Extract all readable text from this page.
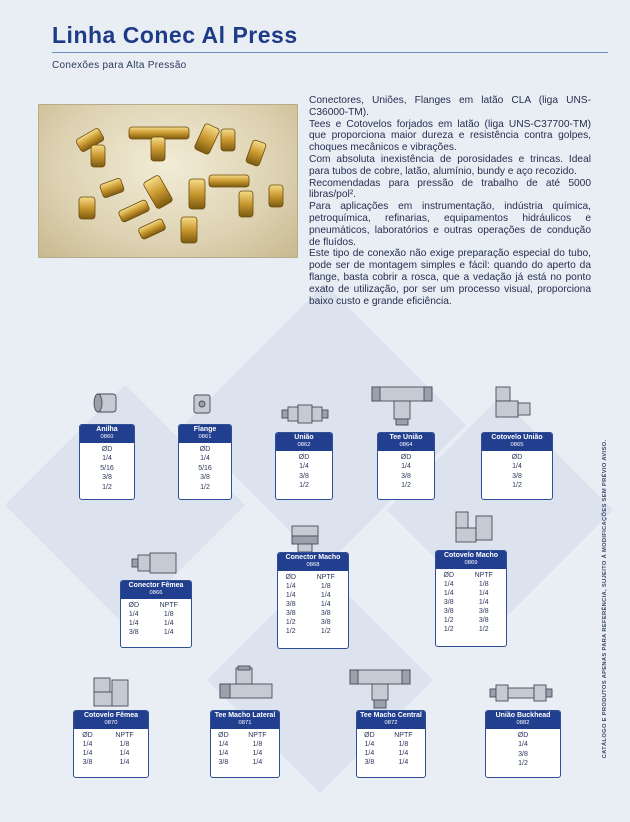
Linha Conec Al Press
Conexões para Alta Pressão

Conectores, Uniões, Flanges em latão CLA (liga UNS-C36000-TM).

Tees e Cotovelos forjados em latão (liga UNS-C37700-TM) que proporciona maior dureza e resistência contra golpes, choques mecânicos e vibrações.

Com absoluta inexistência de porosidades e trincas. Ideal para tubos de cobre, latão, alumínio, bundy e aço recozido.

Recomendadas para pressão de trabalho de até 5000 libras/pol².

Para aplicações em instrumentação, indústria química, petroquímica, refinarias, equipamentos hidráulicos e pneumáticos, laboratórios e outras operações de condução de fluídos.

Este tipo de conexão não exige preparação especial do tubo, pode ser de montagem simples e fácil: quando do aperto da flange, basta cobrir a rosca, que a vedação já está no ponto exato de utilização, por ser um processo visual, proporciona baixo custo e grande eficiência.

CATÁLOGO E PRODUTOS APENAS PARA REFERÊNCIA, SUJEITO À MODIFICAÇÕES SEM PRÉVIO AVISO.
Anilha
0860
ØD
1/4
5/16
3/8
1/2
Flange
0861
ØD
1/4
5/16
3/8
1/2
União
0862
ØD
1/4
3/8
1/2
Tee União
0864
ØD
1/4
3/8
1/2
Cotovelo União
0865
ØD
1/4
3/8
1/2
Conector Macho
0868
ØD	NPTF
1/4	1/8
1/4	1/4
3/8	1/4
3/8	3/8
1/2	3/8
1/2	1/2
Cotovelo Macho
0869
ØD	NPTF
1/4	1/8
1/4	1/4
3/8	1/4
3/8	3/8
1/2	3/8
1/2	1/2
Conector Fêmea
0866
ØD	NPTF
1/4	1/8
1/4	1/4
3/8	1/4
Cotovelo Fêmea
0870
ØD	NPTF
1/4	1/8
1/4	1/4
3/8	1/4
Tee Macho Lateral
0871
ØD	NPTF
1/4	1/8
1/4	1/4
3/8	1/4
Tee Macho Central
0872
ØD	NPTF
1/4	1/8
1/4	1/4
3/8	1/4
União Buckhead
0882
ØD
1/4
3/8
1/2
